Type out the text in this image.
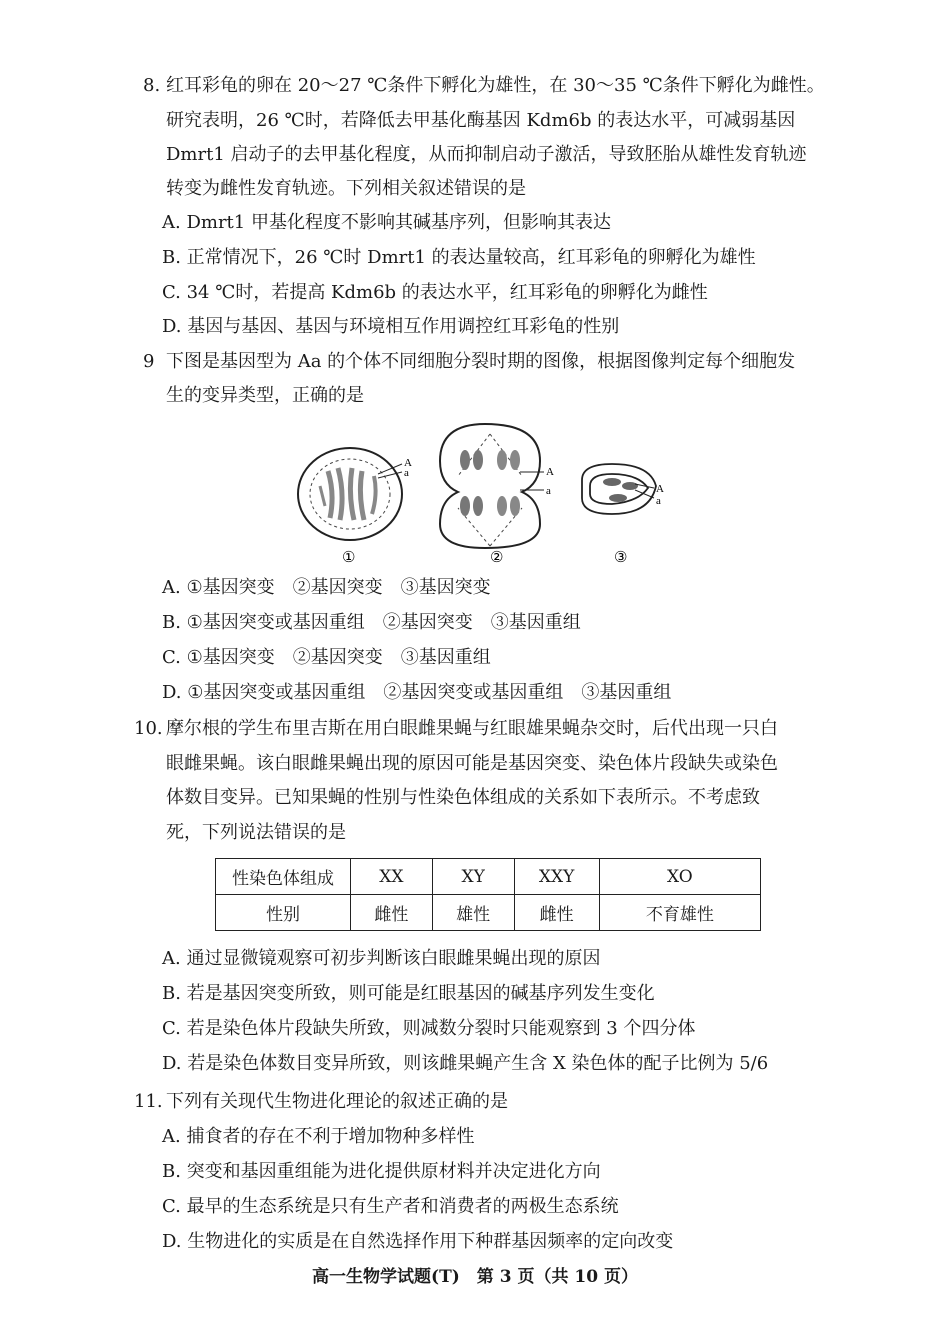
8. 红耳彩龟的卵在 20～27 ℃条件下孵化为雄性，在 30～35 ℃条件下孵化为雌性。
研究表明，26 ℃时，若降低去甲基化酶基因 Kdm6b 的表达水平，可减弱基因
Dmrt1 启动子的去甲基化程度，从而抑制启动子激活，导致胚胎从雄性发育轨迹
转变为雌性发育轨迹。下列相关叙述错误的是
A. Dmrt1 甲基化程度不影响其碱基序列，但影响其表达
B. 正常情况下，26 ℃时 Dmrt1 的表达量较高，红耳彩龟的卵孵化为雄性
C. 34 ℃时，若提高 Kdm6b 的表达水平，红耳彩龟的卵孵化为雌性
D. 基因与基因、基因与环境相互作用调控红耳彩龟的性别
9 下图是基因型为 Aa 的个体不同细胞分裂时期的图像，根据图像判定每个细胞发
生的变异类型，正确的是
A
a
①
A
a
②
A
a
③
A. ①基因突变　②基因突变　③基因突变
B. ①基因突变或基因重组　②基因突变　③基因重组
C. ①基因突变　②基因突变　③基因重组
D. ①基因突变或基因重组　②基因突变或基因重组　③基因重组
10. 摩尔根的学生布里吉斯在用白眼雌果蝇与红眼雄果蝇杂交时，后代出现一只白
眼雌果蝇。该白眼雌果蝇出现的原因可能是基因突变、染色体片段缺失或染色
体数目变异。已知果蝇的性别与性染色体组成的关系如下表所示。不考虑致
死，下列说法错误的是
性染色体组成	XX	XY	XXY	XO
性别	雌性	雄性	雌性	不育雄性
A. 通过显微镜观察可初步判断该白眼雌果蝇出现的原因
B. 若是基因突变所致，则可能是红眼基因的碱基序列发生变化
C. 若是染色体片段缺失所致，则减数分裂时只能观察到 3 个四分体
D. 若是染色体数目变异所致，则该雌果蝇产生含 X 染色体的配子比例为 5/6
11. 下列有关现代生物进化理论的叙述正确的是
A. 捕食者的存在不利于增加物种多样性
B. 突变和基因重组能为进化提供原材料并决定进化方向
C. 最早的生态系统是只有生产者和消费者的两极生态系统
D. 生物进化的实质是在自然选择作用下种群基因频率的定向改变
高一生物学试题(T)　第 3 页（共 10 页）
